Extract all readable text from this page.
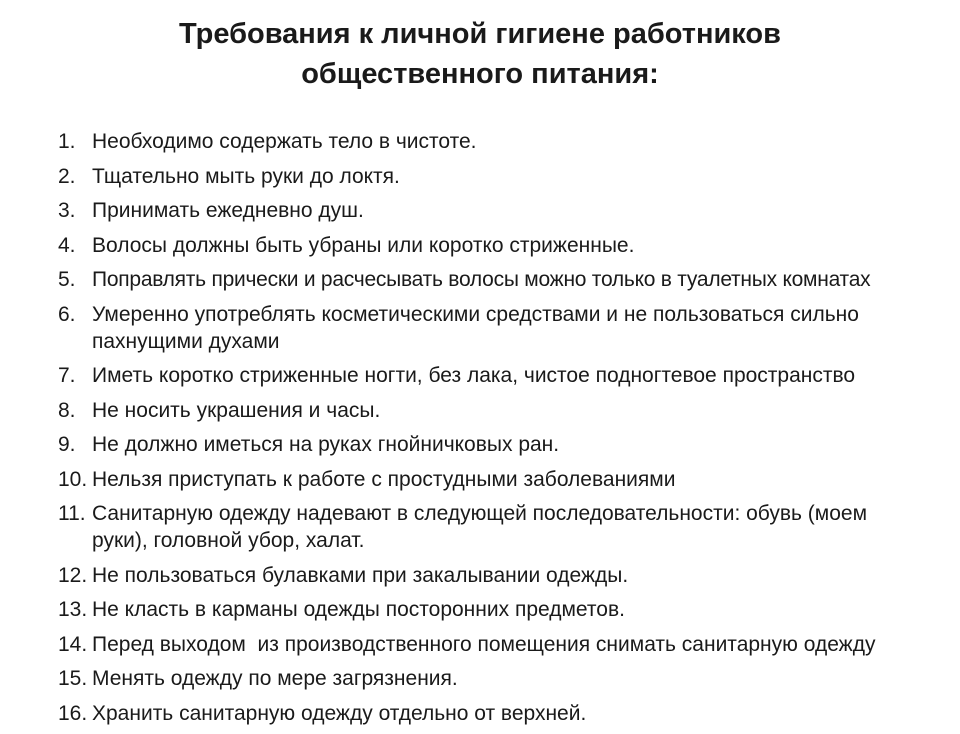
Требования к личной гигиене работников
общественного питания:
1. Необходимо содержать тело в чистоте.
2. Тщательно мыть руки до локтя.
3. Принимать ежедневно душ.
4. Волосы должны быть убраны или коротко стриженные.
5. Поправлять прически и расчесывать волосы можно только в туалетных комнатах
6. Умеренно употреблять косметическими средствами и не пользоваться сильно пахнущими духами
7. Иметь коротко стриженные ногти, без лака, чистое подногтевое пространство
8. Не носить украшения и часы.
9. Не должно иметься на руках гнойничковых ран.
10. Нельзя приступать к работе с простудными заболеваниями
11. Санитарную одежду надевают в следующей последовательности: обувь (моем руки), головной убор, халат.
12. Не пользоваться булавками при закалывании одежды.
13. Не класть в карманы одежды посторонних предметов.
14. Перед выходом  из производственного помещения снимать санитарную одежду
15. Менять одежду по мере загрязнения.
16. Хранить санитарную одежду отдельно от верхней.
